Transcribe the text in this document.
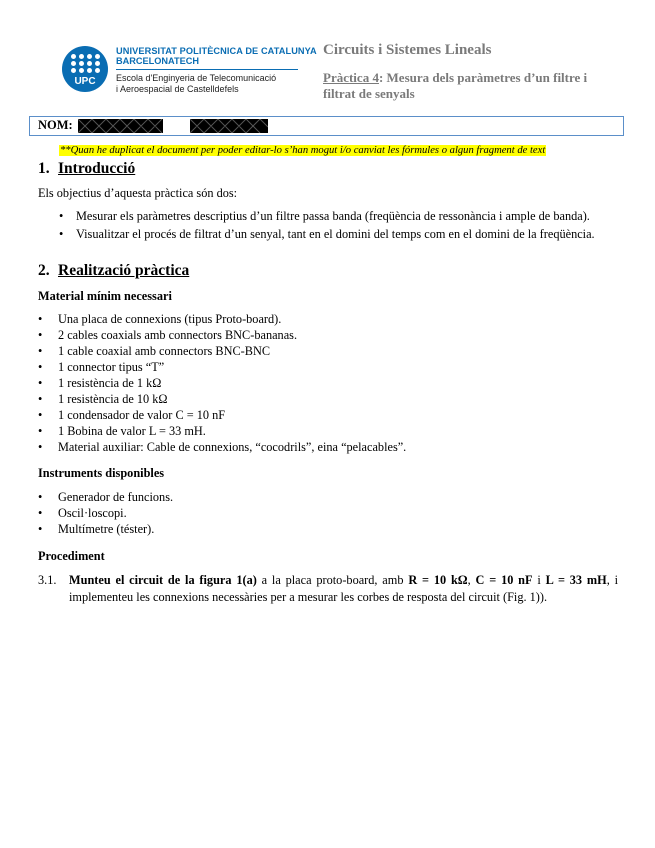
UPC
UNIVERSITAT POLITÈCNICA DE CATALUNYA
BARCELONATECH
Escola d'Enginyeria de Telecomunicació
i Aeroespacial de Castelldefels
Circuits i Sistemes Lineals
Pràctica 4: Mesura dels paràmetres d’un filtre i filtrat de senyals
NOM:
**Quan he duplicat el document per poder editar-lo s’han mogut i/o canviat les fórmules o algun fragment de text
1. Introducció
Els objectius d’aquesta pràctica són dos:
• Mesurar els paràmetres descriptius d’un filtre passa banda (freqüència de ressonància i ample de banda).
• Visualitzar el procés de filtrat d’un senyal, tant en el domini del temps com en el domini de la freqüència.
2. Realització pràctica
Material mínim necessari
• Una placa de connexions (tipus Proto-board).
• 2 cables coaxials amb connectors BNC-bananas.
• 1 cable coaxial amb connectors BNC-BNC
• 1 connector tipus “T”
• 1 resistència de 1 kΩ
• 1 resistència de 10 kΩ
• 1 condensador de valor C = 10 nF
• 1 Bobina de valor L = 33 mH.
• Material auxiliar: Cable de connexions, “cocodrils”, eina “pelacables”.
Instruments disponibles
• Generador de funcions.
• Oscil·loscopi.
• Multímetre (téster).
Procediment
3.1. Munteu el circuit de la figura 1(a) a la placa proto-board, amb R = 10 kΩ, C = 10 nF i L = 33 mH, i implementeu les connexions necessàries per a mesurar les corbes de resposta del circuit (Fig. 1)).
